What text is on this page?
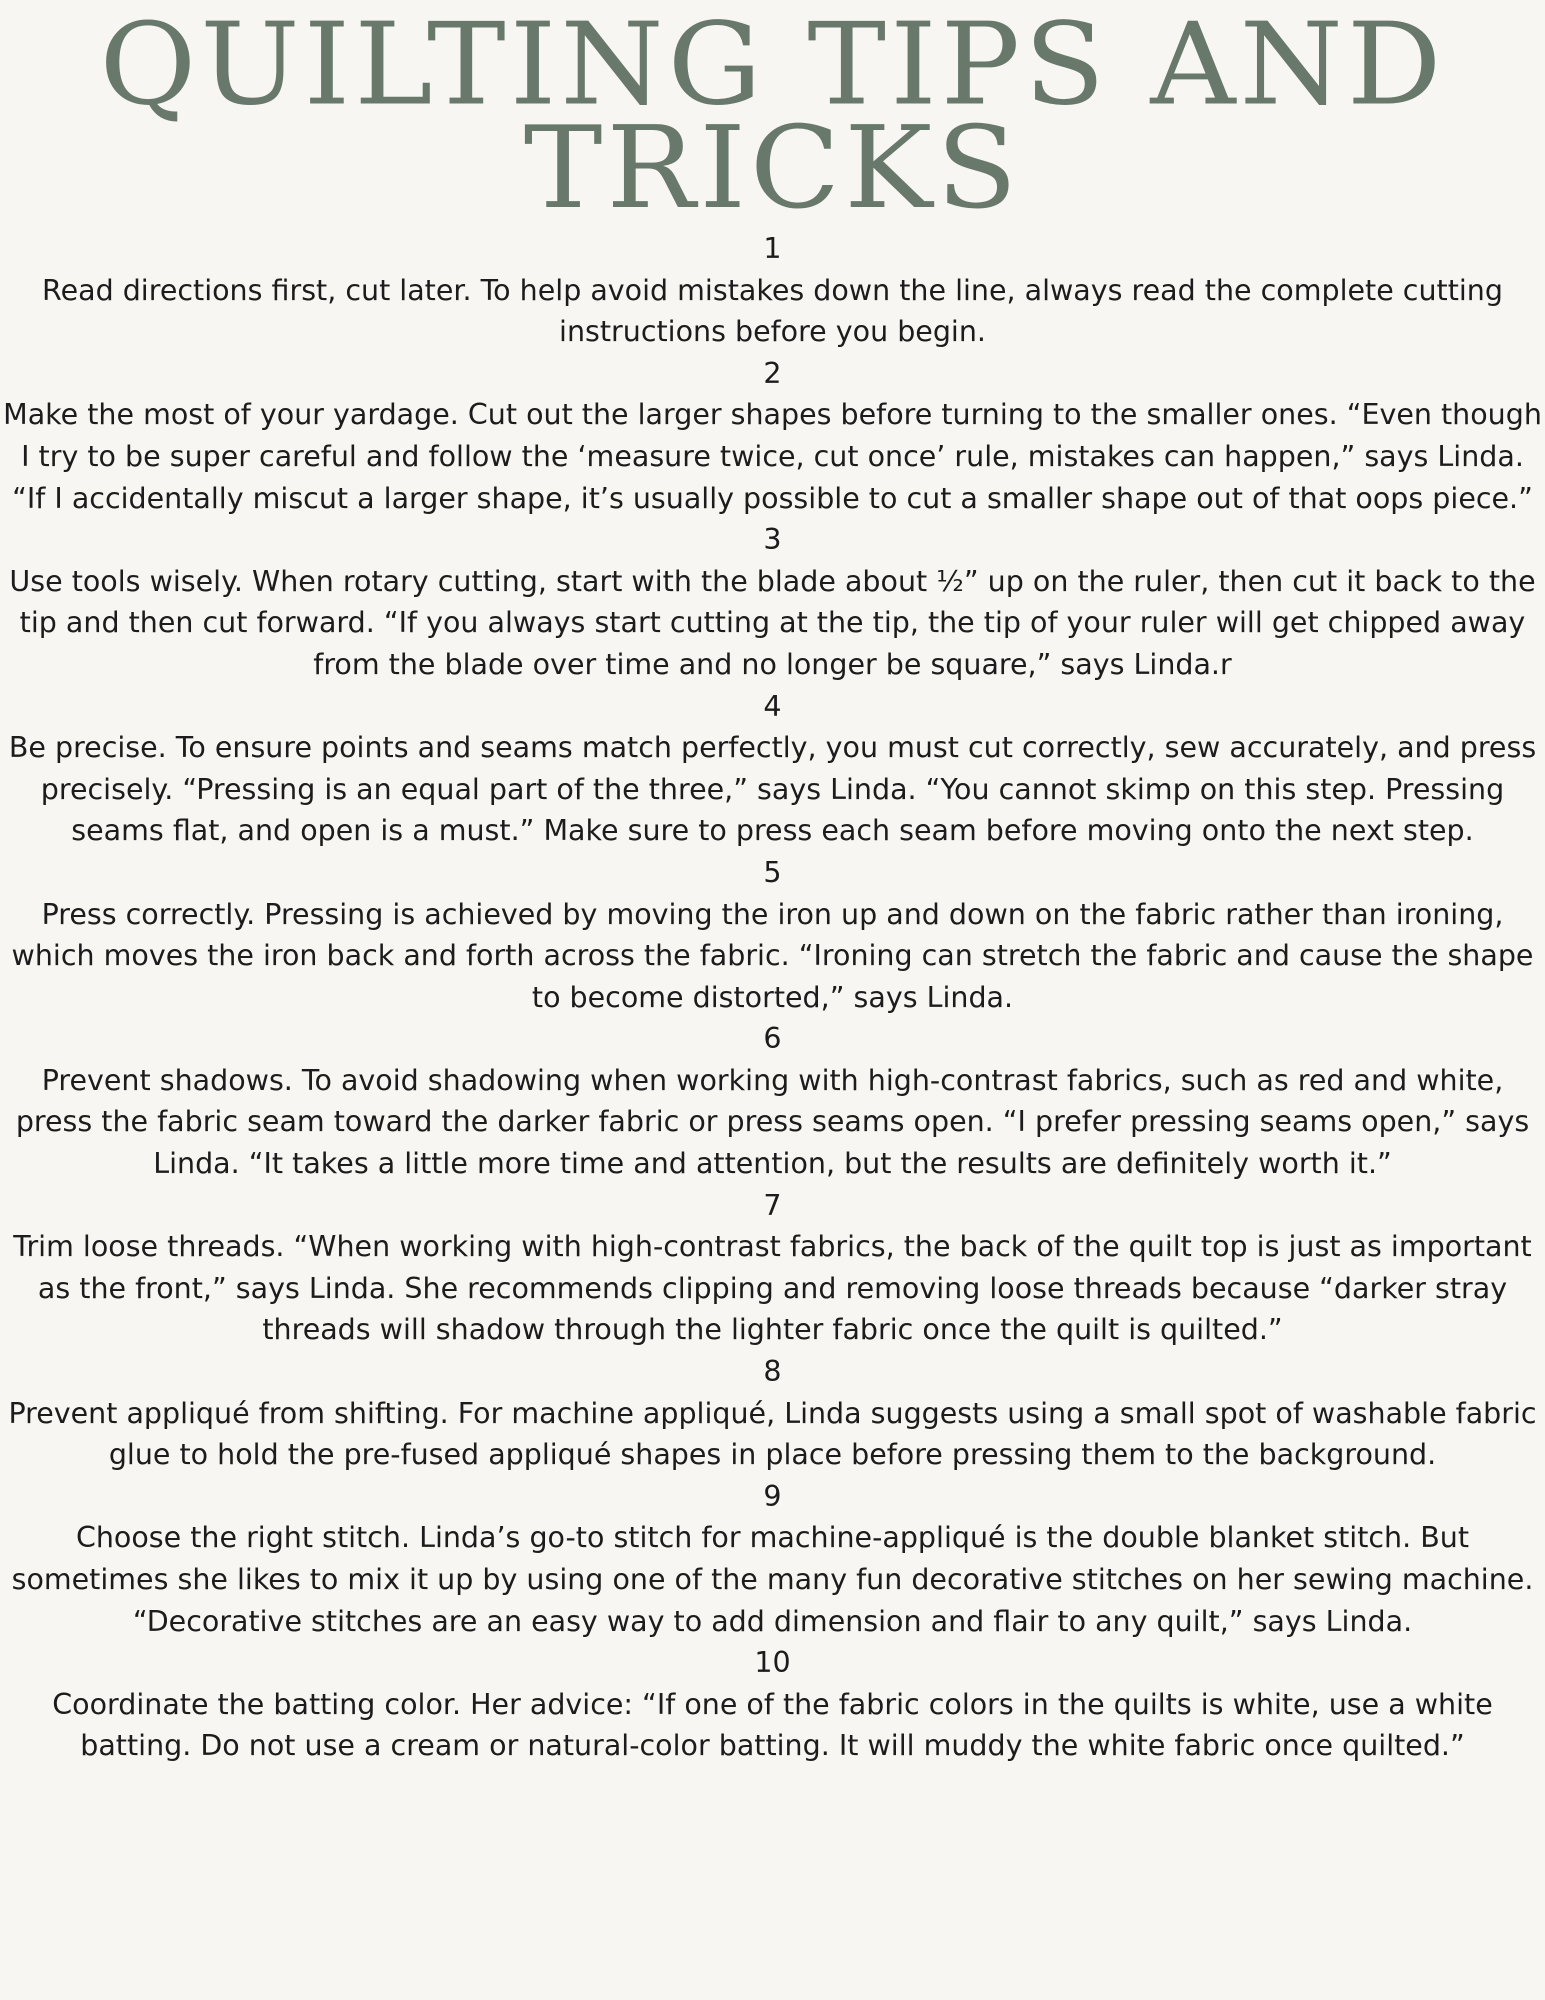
QUILTING TIPS AND TRICKS
1
Read directions first, cut later. To help avoid mistakes down the line, always read the complete cutting instructions before you begin.
2
Make the most of your yardage. Cut out the larger shapes before turning to the smaller ones. “Even though I try to be super careful and follow the ‘measure twice, cut once’ rule, mistakes can happen,” says Linda. “If I accidentally miscut a larger shape, it’s usually possible to cut a smaller shape out of that oops piece.”
3
Use tools wisely. When rotary cutting, start with the blade about ½” up on the ruler, then cut it back to the tip and then cut forward. “If you always start cutting at the tip, the tip of your ruler will get chipped away from the blade over time and no longer be square,” says Linda.r
4
Be precise. To ensure points and seams match perfectly, you must cut correctly, sew accurately, and press precisely. “Pressing is an equal part of the three,” says Linda. “You cannot skimp on this step. Pressing seams flat, and open is a must.” Make sure to press each seam before moving onto the next step.
5
Press correctly. Pressing is achieved by moving the iron up and down on the fabric rather than ironing, which moves the iron back and forth across the fabric. “Ironing can stretch the fabric and cause the shape to become distorted,” says Linda.
6
Prevent shadows. To avoid shadowing when working with high-contrast fabrics, such as red and white, press the fabric seam toward the darker fabric or press seams open. “I prefer pressing seams open,” says Linda. “It takes a little more time and attention, but the results are definitely worth it.”
7
Trim loose threads. “When working with high-contrast fabrics, the back of the quilt top is just as important as the front,” says Linda. She recommends clipping and removing loose threads because “darker stray threads will shadow through the lighter fabric once the quilt is quilted.”
8
Prevent appliqué from shifting. For machine appliqué, Linda suggests using a small spot of washable fabric glue to hold the pre-fused appliqué shapes in place before pressing them to the background.
9
Choose the right stitch. Linda’s go-to stitch for machine-appliqué is the double blanket stitch. But sometimes she likes to mix it up by using one of the many fun decorative stitches on her sewing machine. “Decorative stitches are an easy way to add dimension and flair to any quilt,” says Linda.
10
Coordinate the batting color. Her advice: “If one of the fabric colors in the quilts is white, use a white batting. Do not use a cream or natural-color batting. It will muddy the white fabric once quilted.”
